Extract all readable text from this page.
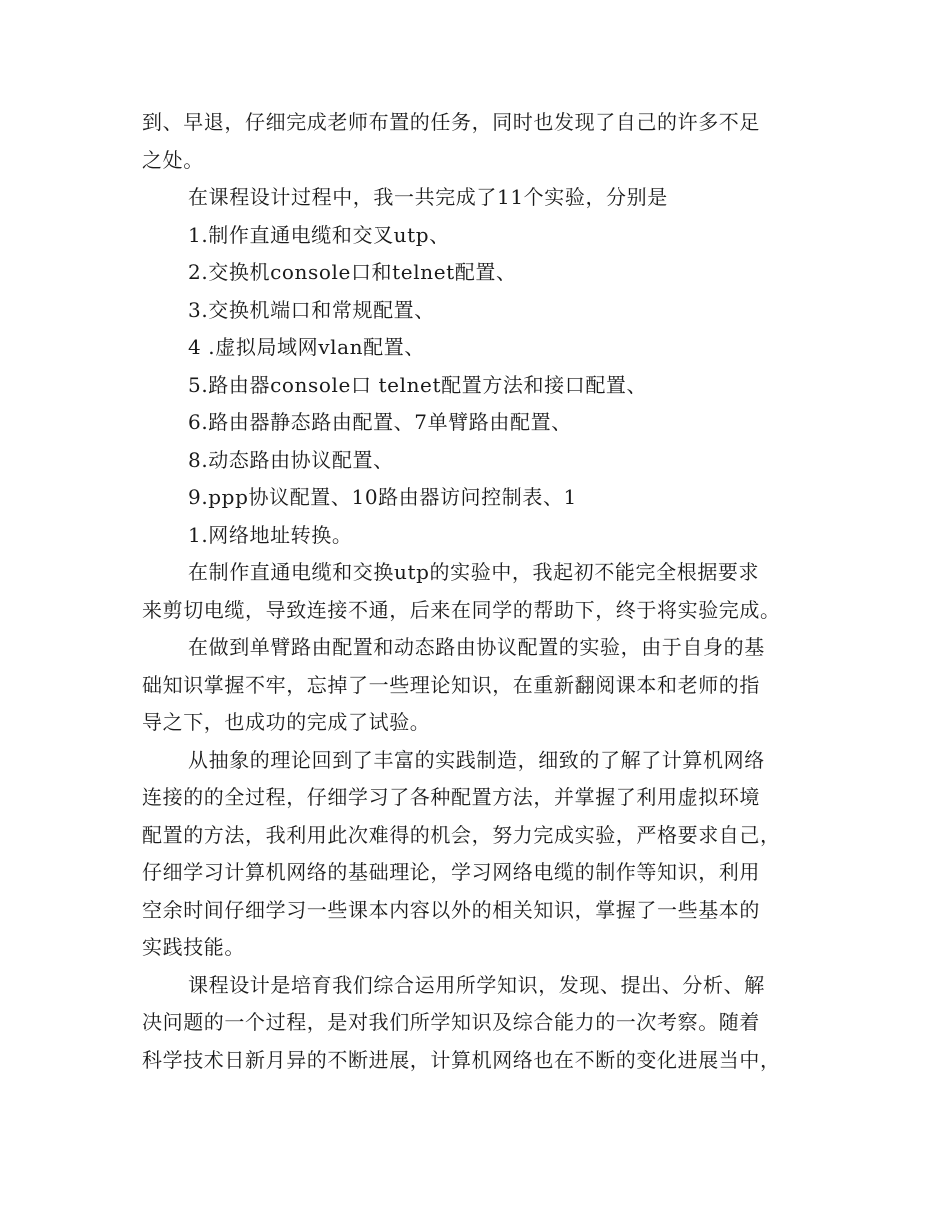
到、早退，仔细完成老师布置的任务，同时也发现了自己的许多不足
之处。
在课程设计过程中，我一共完成了11个实验，分别是
1.制作直通电缆和交叉utp、
2.交换机console口和telnet配置、
3.交换机端口和常规配置、
4 .虚拟局域网vlan配置、
5.路由器console口 telnet配置方法和接口配置、
6.路由器静态路由配置、7单臂路由配置、
8.动态路由协议配置、
9.ppp协议配置、10路由器访问控制表、1
1.网络地址转换。
在制作直通电缆和交换utp的实验中，我起初不能完全根据要求
来剪切电缆，导致连接不通，后来在同学的帮助下，终于将实验完成。
在做到单臂路由配置和动态路由协议配置的实验，由于自身的基
础知识掌握不牢，忘掉了一些理论知识，在重新翻阅课本和老师的指
导之下，也成功的完成了试验。
从抽象的理论回到了丰富的实践制造，细致的了解了计算机网络
连接的的全过程，仔细学习了各种配置方法，并掌握了利用虚拟环境
配置的方法，我利用此次难得的机会，努力完成实验，严格要求自己，
仔细学习计算机网络的基础理论，学习网络电缆的制作等知识，利用
空余时间仔细学习一些课本内容以外的相关知识，掌握了一些基本的
实践技能。
课程设计是培育我们综合运用所学知识，发现、提出、分析、解
决问题的一个过程，是对我们所学知识及综合能力的一次考察。随着
科学技术日新月异的不断进展，计算机网络也在不断的变化进展当中，
